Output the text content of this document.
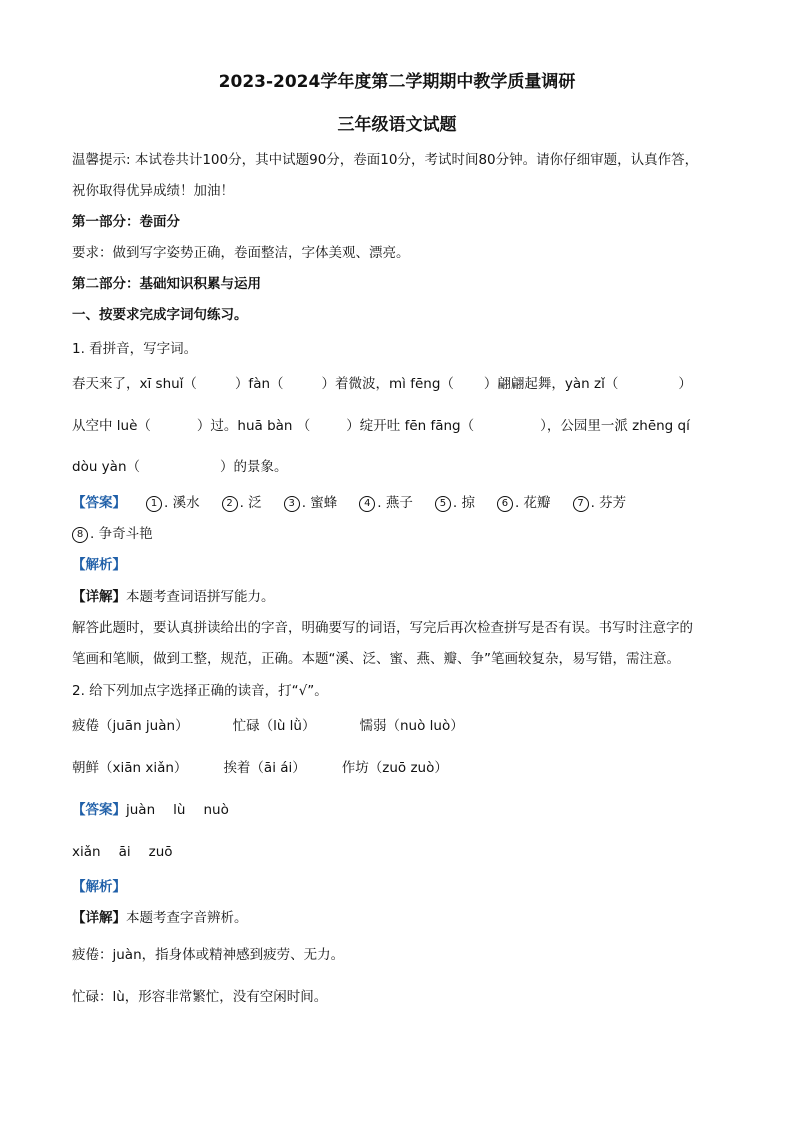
2023-2024学年度第二学期期中教学质量调研
三年级语文试题
温馨提示: 本试卷共计100分，其中试题90分，卷面10分，考试时间80分钟。请你仔细审题，认真作答，
祝你取得优异成绩！加油！
第一部分：卷面分
要求：做到写字姿势正确，卷面整洁，字体美观、漂亮。
第二部分：基础知识积累与运用
一、按要求完成字词句练习。
1. 看拼音，写字词。
春天来了，xī shuǐ（	）fàn（	）着微波，mì fēng（ ）翩翩起舞，yàn zǐ（	）
从空中 luè（	）过。huā bàn （	）绽开吐 fēn fāng（	），公园里一派 zhēng qí
dòu yàn（	）的景象。
【答案】 1 . 溪水	2 . 泛	3 . 蜜蜂	4 . 燕子	5 . 掠	6 . 花瓣	7 . 芬芳
8 . 争奇斗艳
【解析】
【详解】本题考查词语拼写能力。
解答此题时，要认真拼读给出的字音，明确要写的词语，写完后再次检查拼写是否有误。书写时注意字的
笔画和笔顺，做到工整，规范，正确。本题“溪、泛、蜜、燕、瓣、争”笔画较复杂，易写错，需注意。
2. 给下列加点字选择正确的读音，打“√”。
疲倦（juān juàn）	忙碌（lù lǜ）	懦弱（nuò luò）
朝鲜（xiān xiǎn）	挨着（āi ái）	作坊（zuō zuò）
【答案】juàn lù nuò
xiǎn āi zuō
【解析】
【详解】本题考查字音辨析。
疲倦：juàn，指身体或精神感到疲劳、无力。
忙碌：lù，形容非常繁忙，没有空闲时间。
